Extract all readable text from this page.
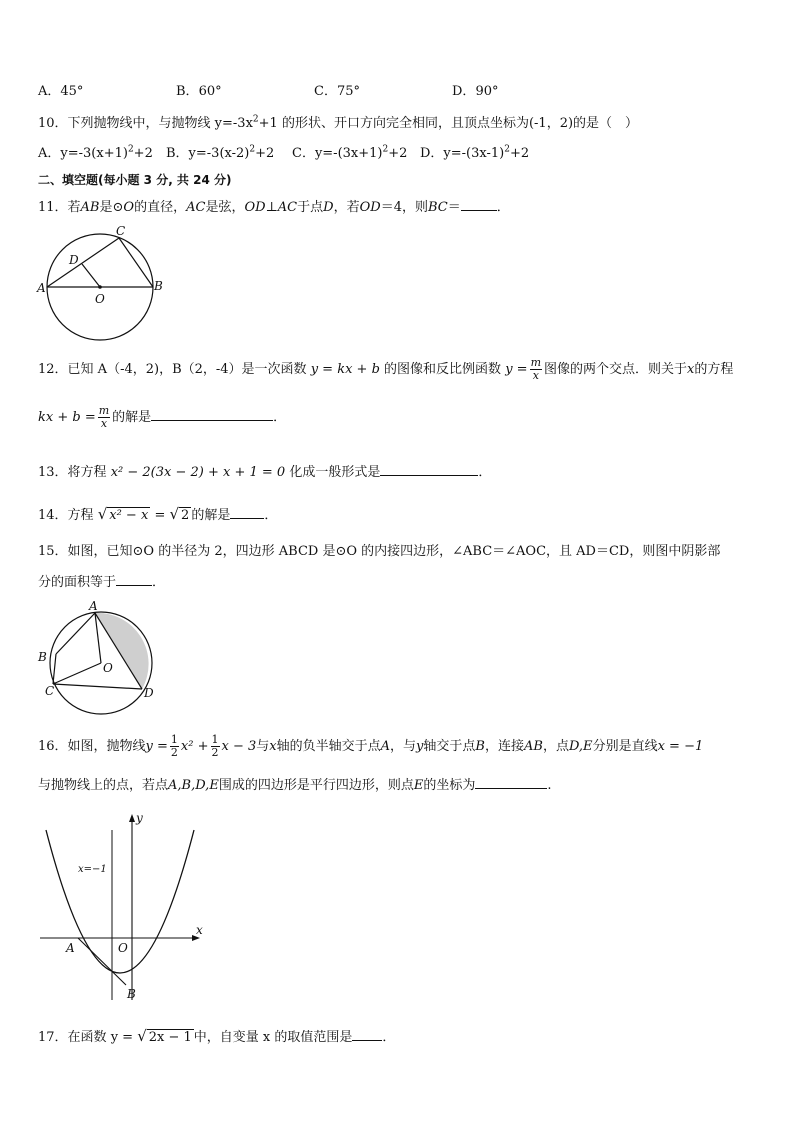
A．45°	B．60°	C．75°	D．90°
10．下列抛物线中，与抛物线 $y=-3x^2+1$ 的形状、开口方向完全相同，且顶点坐标为(-1，2)的是（　）
A．$y=-3(x+1)^2+2$ B．$y=-3(x-2)^2+2$ C．$y=-(3x+1)^2+2$ D．$y=-(3x-1)^2+2$
二、填空题(每小题 3 分, 共 24 分)
11．若AB是⊙O的直径，AC是弦，OD⊥AC于点D，若OD＝4，则BC＝	．
A	B
C
D
O
12．已知 A（-4，2)，B（2，-4）是一次函数 y = kx + b 的图像和反比例函数 $y = \frac{m}{x}$ 图像的两个交点．则关于x的方程
kx + $b = \frac{m}{x}$ 的解是	．
13．将方程 x² − 2(3x − 2) + x + 1 = 0 化成一般形式是	．
14．方程 √ x² − x = √ 2 的解是	．
15．如图，已知⊙O 的半径为 2，四边形 ABCD 是⊙O 的内接四边形，∠ABC＝∠AOC，且 AD＝CD，则图中阴影部
分的面积等于	．
A
B
C	D
O
16．如图，抛物线$y = \frac{1}{2} x^2 + \frac{1}{2}$ x − 3与x轴的负半轴交于点A，与y轴交于点B，连接AB，点D,E分别是直线x = −1
与抛物线上的点，若点A,B,D,E围成的四边形是平行四边形，则点E的坐标为	.
y
x
x=−1
A	O
B
17．在函数 y = √ 2x − 1 中，自变量 x 的取值范围是 ．
